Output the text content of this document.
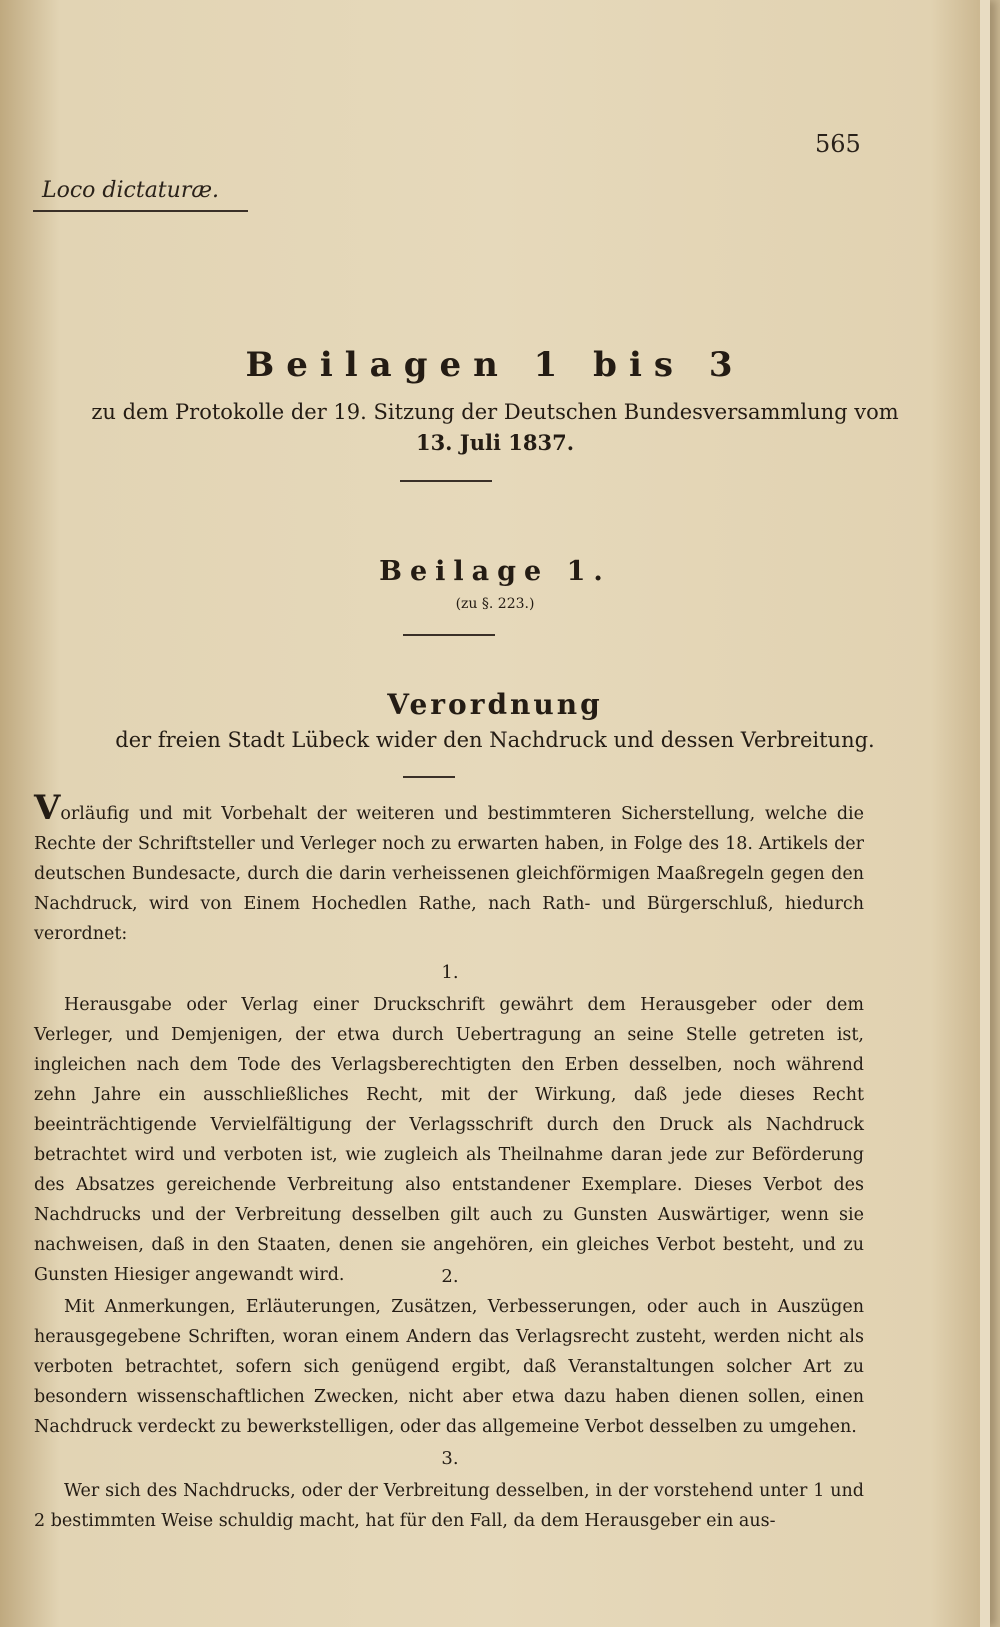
565
Loco dictaturæ.
Beilagen 1 bis 3
zu dem Protokolle der 19. Sitzung der Deutschen Bundesversammlung vom
13. Juli 1837.
Beilage 1.
(zu §. 223.)
Verordnung
der freien Stadt Lübeck wider den Nachdruck und dessen Verbreitung.

Vorläufig und mit Vorbehalt der weiteren und bestimmteren Sicherstellung, welche die Rechte der Schriftsteller und Verleger noch zu erwarten haben, in Folge des 18. Artikels der deutschen Bundesacte, durch die darin verheissenen gleichförmigen Maaßregeln gegen den Nachdruck, wird von Einem Hochedlen Rathe, nach Rath- und Bürgerschluß, hiedurch verordnet:

1.

Herausgabe oder Verlag einer Druckschrift gewährt dem Herausgeber oder dem Verleger, und Demjenigen, der etwa durch Uebertragung an seine Stelle getreten ist, ingleichen nach dem Tode des Verlagsberechtigten den Erben desselben, noch während zehn Jahre ein ausschließliches Recht, mit der Wirkung, daß jede dieses Recht beeinträchtigende Vervielfältigung der Verlagsschrift durch den Druck als Nachdruck betrachtet wird und verboten ist, wie zugleich als Theilnahme daran jede zur Beförderung des Absatzes gereichende Verbreitung also entstandener Exemplare. Dieses Verbot des Nachdrucks und der Verbreitung desselben gilt auch zu Gunsten Auswärtiger, wenn sie nachweisen, daß in den Staaten, denen sie angehören, ein gleiches Verbot besteht, und zu Gunsten Hiesiger angewandt wird.	2.

Mit Anmerkungen, Erläuterungen, Zusätzen, Verbesserungen, oder auch in Auszügen herausgegebene Schriften, woran einem Andern das Verlagsrecht zusteht, werden nicht als verboten betrachtet, sofern sich genügend ergibt, daß Veranstaltungen solcher Art zu besondern wissenschaftlichen Zwecken, nicht aber etwa dazu haben dienen sollen, einen Nachdruck verdeckt zu bewerkstelligen, oder das allgemeine Verbot desselben zu umgehen.

3.

Wer sich des Nachdrucks, oder der Verbreitung desselben, in der vorstehend unter 1 und 2 bestimmten Weise schuldig macht, hat für den Fall, da dem Herausgeber ein aus-
